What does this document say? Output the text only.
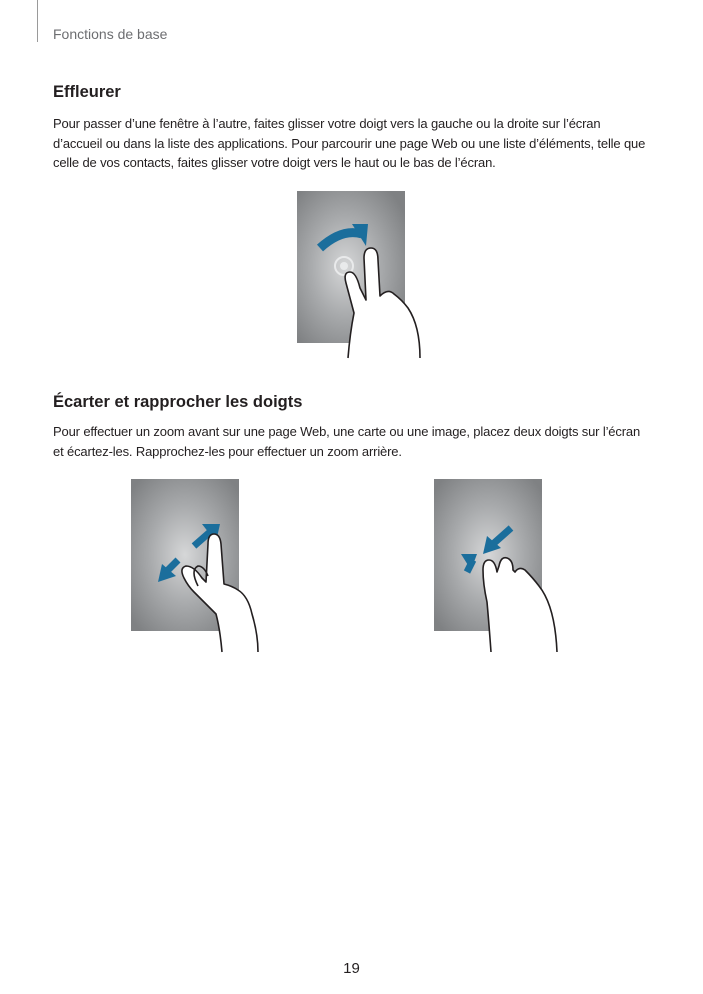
Fonctions de base
Effleurer

Pour passer d’une fenêtre à l’autre, faites glisser votre doigt vers la gauche ou la droite sur l’écran d’accueil ou dans la liste des applications. Pour parcourir une page Web ou une liste d’éléments, telle que celle de vos contacts, faites glisser votre doigt vers le haut ou le bas de l’écran.

Écarter et rapprocher les doigts

Pour effectuer un zoom avant sur une page Web, une carte ou une image, placez deux doigts sur l’écran et écartez-les. Rapprochez-les pour effectuer un zoom arrière.

19
